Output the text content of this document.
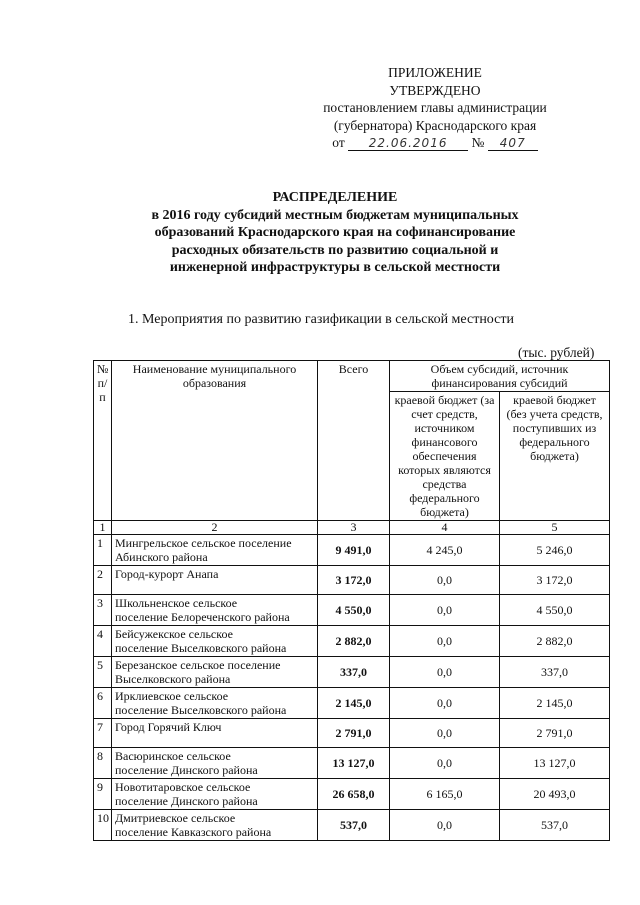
ПРИЛОЖЕНИЕ
УТВЕРЖДЕНО
постановлением главы администрации
(губернатора) Краснодарского края
от 22.06.2016 № 407
РАСПРЕДЕЛЕНИЕ
в 2016 году субсидий местным бюджетам муниципальных
образований Краснодарского края на софинансирование
расходных обязательств по развитию социальной и
инженерной инфраструктуры в сельской местности
1. Мероприятия по развитию газификации в сельской местности
(тыс. рублей)
№ п/п	Наименование муниципального образования	Всего	Объем субсидий, источник финансирования субсидий	
			краевой бюджет (за счет средств, источником финансового обеспечения которых являются средства федерального бюджета)	краевой бюджет (без учета средств, поступивших из федерального бюджета)
1	2	3	4	5
1	Мингрельское сельское поселение
Абинского района	9 491,0	4 245,0	5 246,0
2	Город-курорт Анапа	3 172,0	0,0	3 172,0
3	Школьненское сельское
поселение Белореченского района	4 550,0	0,0	4 550,0
4	Бейсужекское сельское
поселение Выселковского района	2 882,0	0,0	2 882,0
5	Березанское сельское поселение
Выселковского района	337,0	0,0	337,0
6	Ирклиевское сельское
поселение Выселковского района	2 145,0	0,0	2 145,0
7	Город Горячий Ключ	2 791,0	0,0	2 791,0
8	Васюринское сельское
поселение Динского района	13 127,0	0,0	13 127,0
9	Новотитаровское сельское
поселение Динского района	26 658,0	6 165,0	20 493,0
10	Дмитриевское сельское
поселение Кавказского района	537,0	0,0	537,0
